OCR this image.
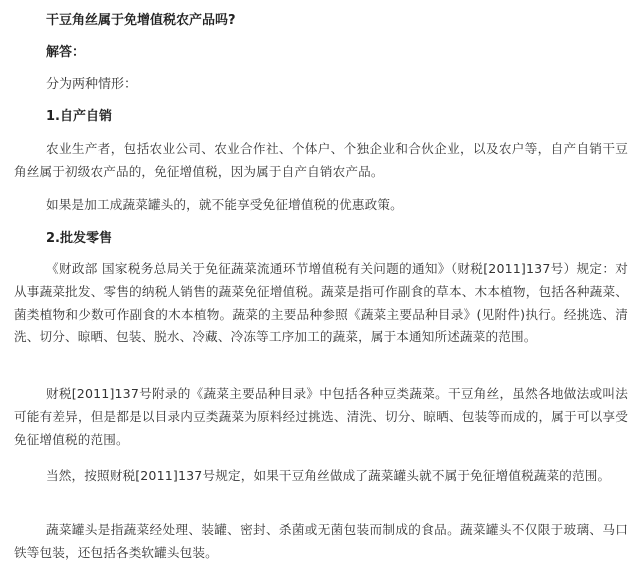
干豆角丝属于免增值税农产品吗?
解答：
分为两种情形：
1.自产自销
农业生产者，包括农业公司、农业合作社、个体户、个独企业和合伙企业，以及农户等，自产自销干豆角丝属于初级农产品的，免征增值税，因为属于自产自销农产品。
如果是加工成蔬菜罐头的，就不能享受免征增值税的优惠政策。
2.批发零售
《财政部 国家税务总局关于免征蔬菜流通环节增值税有关问题的通知》（财税[2011]137号）规定：对从事蔬菜批发、零售的纳税人销售的蔬菜免征增值税。蔬菜是指可作副食的草本、木本植物，包括各种蔬菜、菌类植物和少数可作副食的木本植物。蔬菜的主要品种参照《蔬菜主要品种目录》(见附件)执行。经挑选、清洗、切分、晾晒、包装、脱水、冷藏、冷冻等工序加工的蔬菜，属于本通知所述蔬菜的范围。
财税[2011]137号附录的《蔬菜主要品种目录》中包括各种豆类蔬菜。干豆角丝，虽然各地做法或叫法可能有差异，但是都是以目录内豆类蔬菜为原料经过挑选、清洗、切分、晾晒、包装等而成的，属于可以享受免征增值税的范围。
当然，按照财税[2011]137号规定，如果干豆角丝做成了蔬菜罐头就不属于免征增值税蔬菜的范围。
蔬菜罐头是指蔬菜经处理、装罐、密封、杀菌或无菌包装而制成的食品。蔬菜罐头不仅限于玻璃、马口铁等包装，还包括各类软罐头包装。
